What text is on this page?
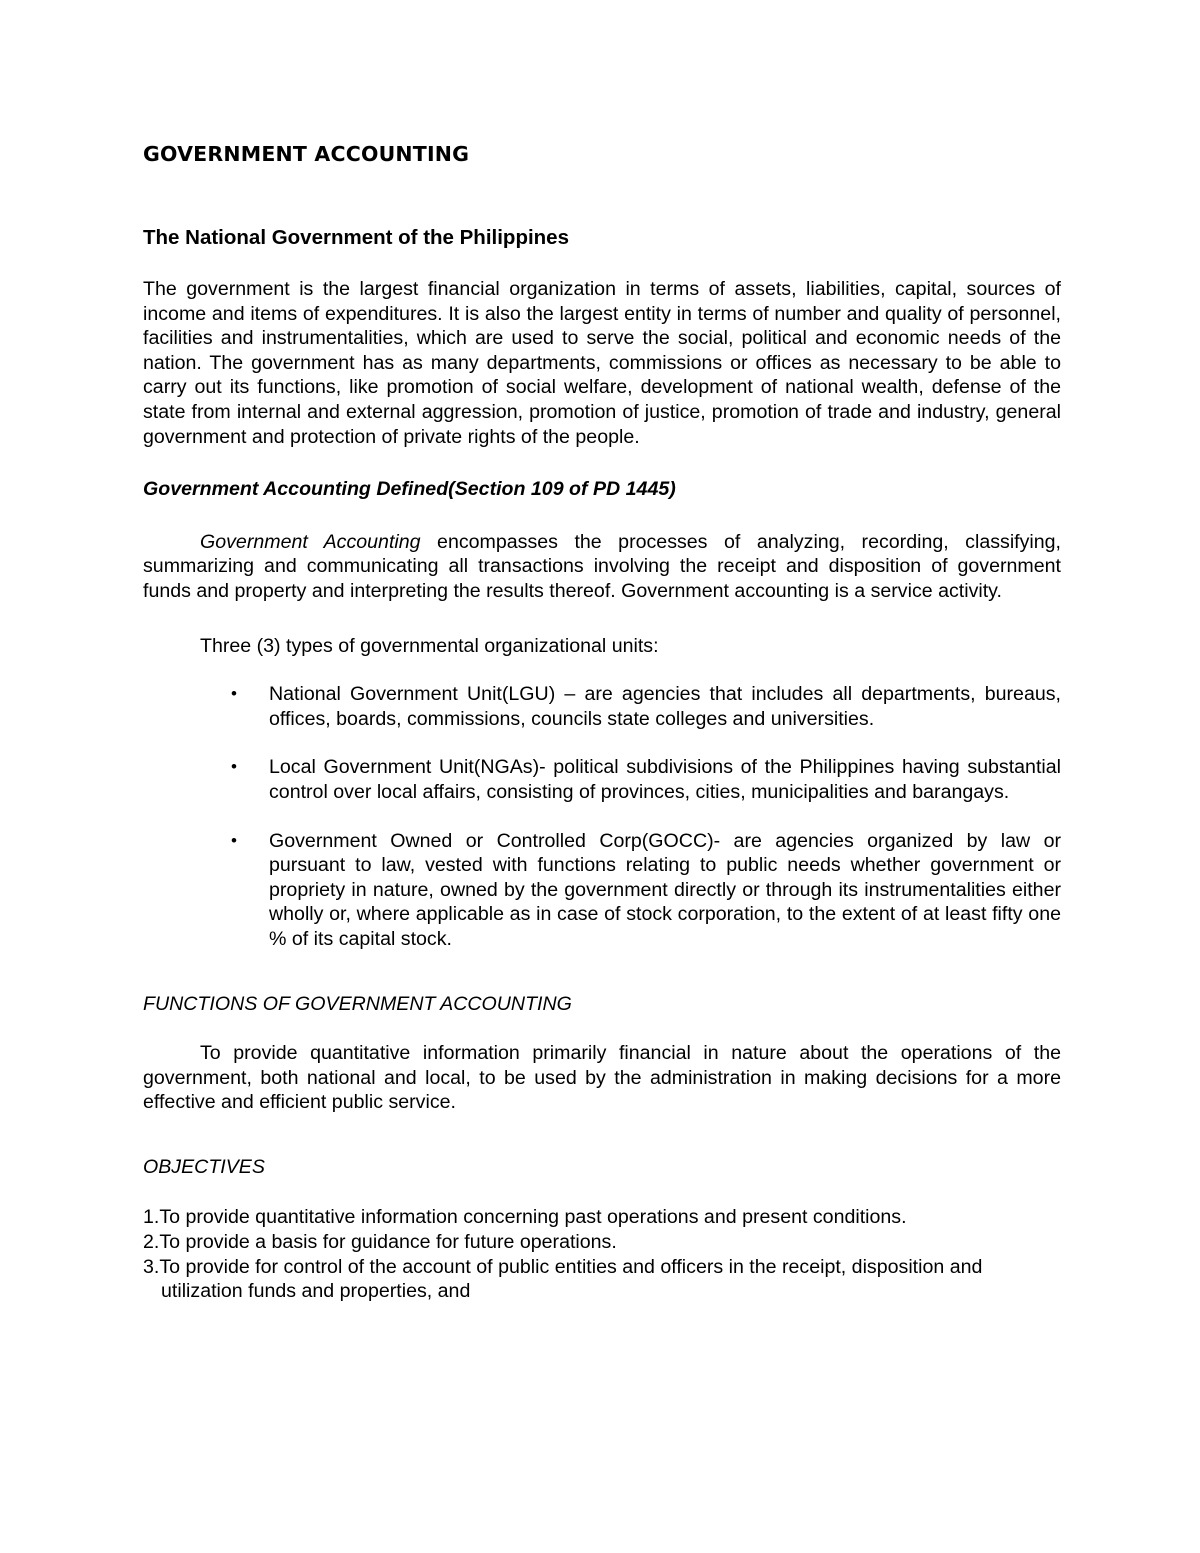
GOVERNMENT ACCOUNTING
The National Government of the Philippines

The government is the largest financial organization in terms of assets, liabilities, capital, sources of income and items of expenditures. It is also the largest entity in terms of number and quality of personnel, facilities and instrumentalities, which are used to serve the social, political and economic needs of the nation. The government has as many departments, commissions or offices as necessary to be able to carry out its functions, like promotion of social welfare, development of national wealth, defense of the state from internal and external aggression, promotion of justice, promotion of trade and industry, general government and protection of private rights of the people.

Government Accounting Defined(Section 109 of PD 1445)

Government Accounting encompasses the processes of analyzing, recording, classifying, summarizing and communicating all transactions involving the receipt and disposition of government funds and property and interpreting the results thereof. Government accounting is a service activity.

Three (3) types of governmental organizational units:

• National Government Unit(LGU) – are agencies that includes all departments, bureaus, offices, boards, commissions, councils state colleges and universities.
• Local Government Unit(NGAs)- political subdivisions of the Philippines having substantial control over local affairs, consisting of provinces, cities, municipalities and barangays.
• Government Owned or Controlled Corp(GOCC)- are agencies organized by law or pursuant to law, vested with functions relating to public needs whether government or propriety in nature, owned by the government directly or through its instrumentalities either wholly or, where applicable as in case of stock corporation, to the extent of at least fifty one % of its capital stock.

FUNCTIONS OF GOVERNMENT ACCOUNTING

To provide quantitative information primarily financial in nature about the operations of the government, both national and local, to be used by the administration in making decisions for a more effective and efficient public service.

OBJECTIVES

1.To provide quantitative information concerning past operations and present conditions.
2.To provide a basis for guidance for future operations.
3.To provide for control of the account of public entities and officers in the receipt, disposition and utilization funds and properties, and
